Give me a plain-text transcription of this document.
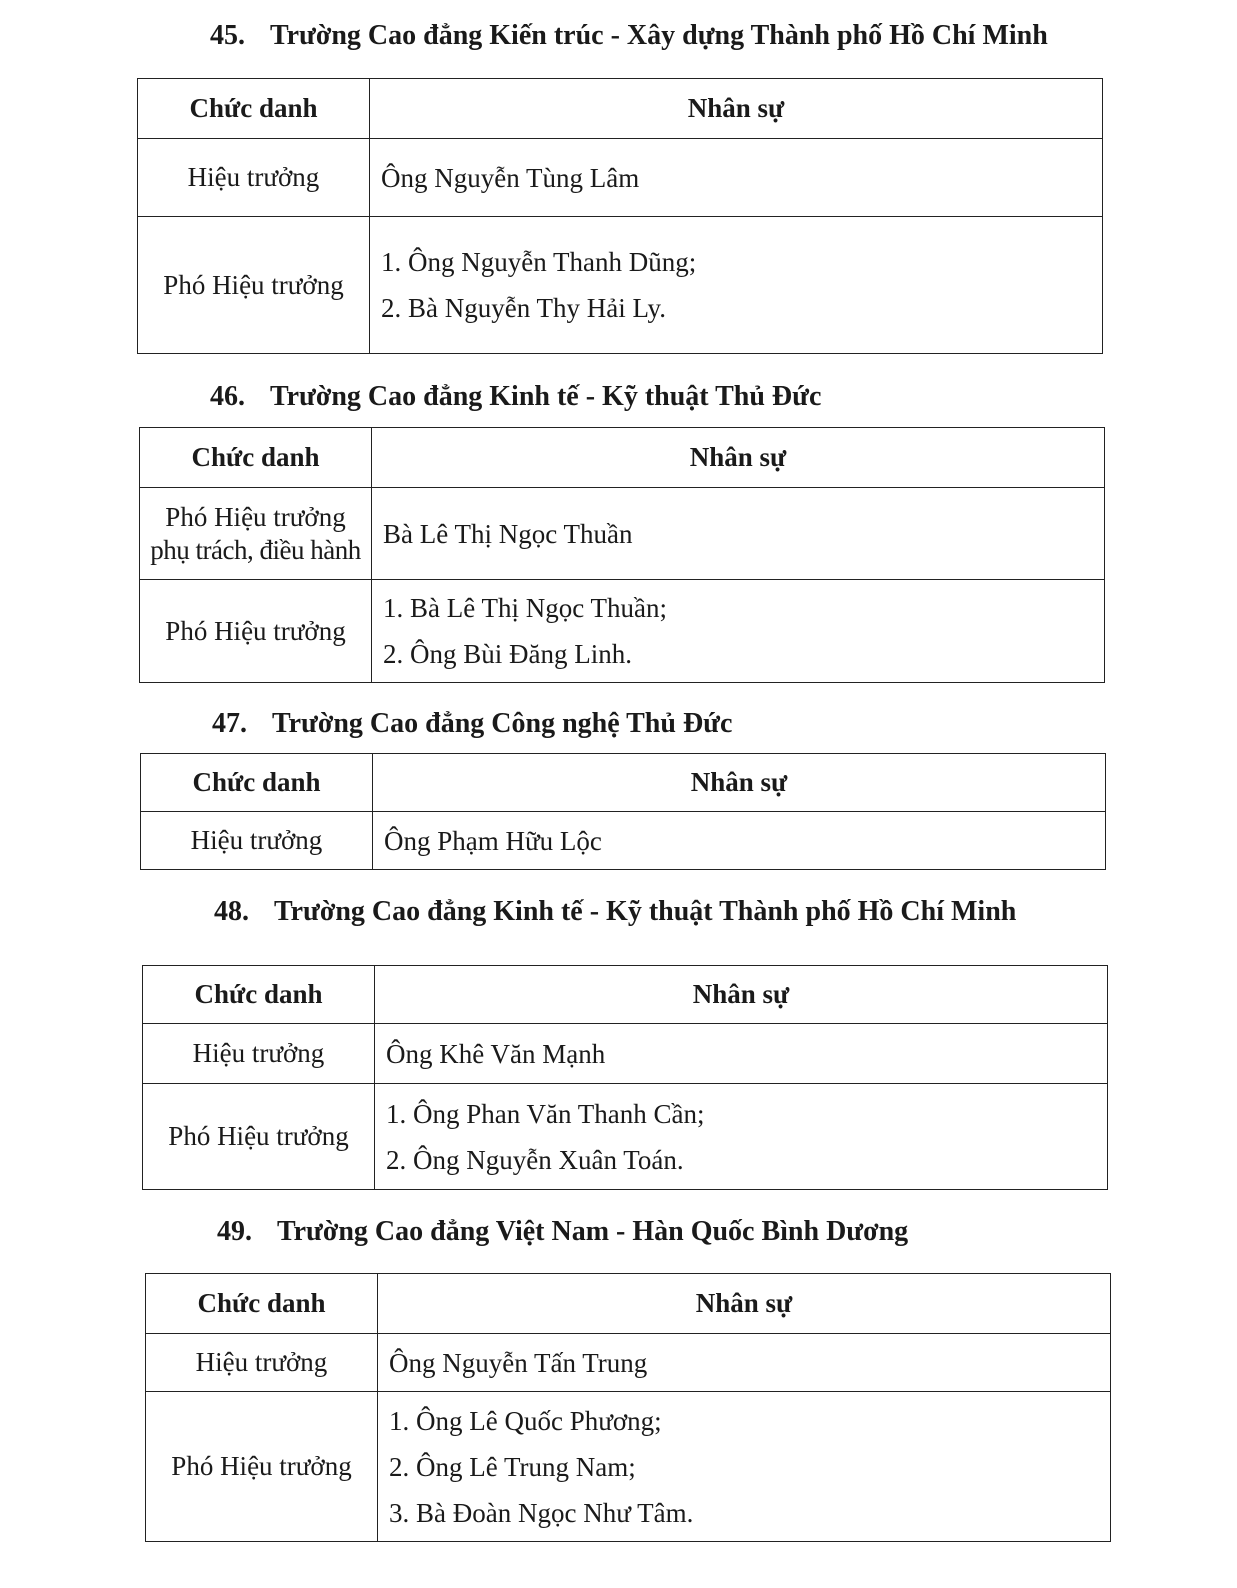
45. Trường Cao đẳng Kiến trúc - Xây dựng Thành phố Hồ Chí Minh
Chức danh	Nhân sự
Hiệu trưởng	Ông Nguyễn Tùng Lâm

Phó Hiệu trưởng	1. Ông Nguyễn Thanh Dũng;
2. Bà Nguyễn Thy Hải Ly.
46. Trường Cao đẳng Kinh tế - Kỹ thuật Thủ Đức
Chức danh	Nhân sự

Phó Hiệu trưởng
phụ trách, điều hành	Bà Lê Thị Ngọc Thuần

Phó Hiệu trưởng	1. Bà Lê Thị Ngọc Thuần;
2. Ông Bùi Đăng Linh.
47. Trường Cao đẳng Công nghệ Thủ Đức
Chức danh	Nhân sự
Hiệu trưởng	Ông Phạm Hữu Lộc
48. Trường Cao đẳng Kinh tế - Kỹ thuật Thành phố Hồ Chí Minh
Chức danh	Nhân sự
Hiệu trưởng	Ông Khê Văn Mạnh

Phó Hiệu trưởng	1. Ông Phan Văn Thanh Cần;
2. Ông Nguyễn Xuân Toán.
49. Trường Cao đẳng Việt Nam - Hàn Quốc Bình Dương
Chức danh	Nhân sự
Hiệu trưởng	Ông Nguyễn Tấn Trung

Phó Hiệu trưởng	1. Ông Lê Quốc Phương;
2. Ông Lê Trung Nam;
3. Bà Đoàn Ngọc Như Tâm.
